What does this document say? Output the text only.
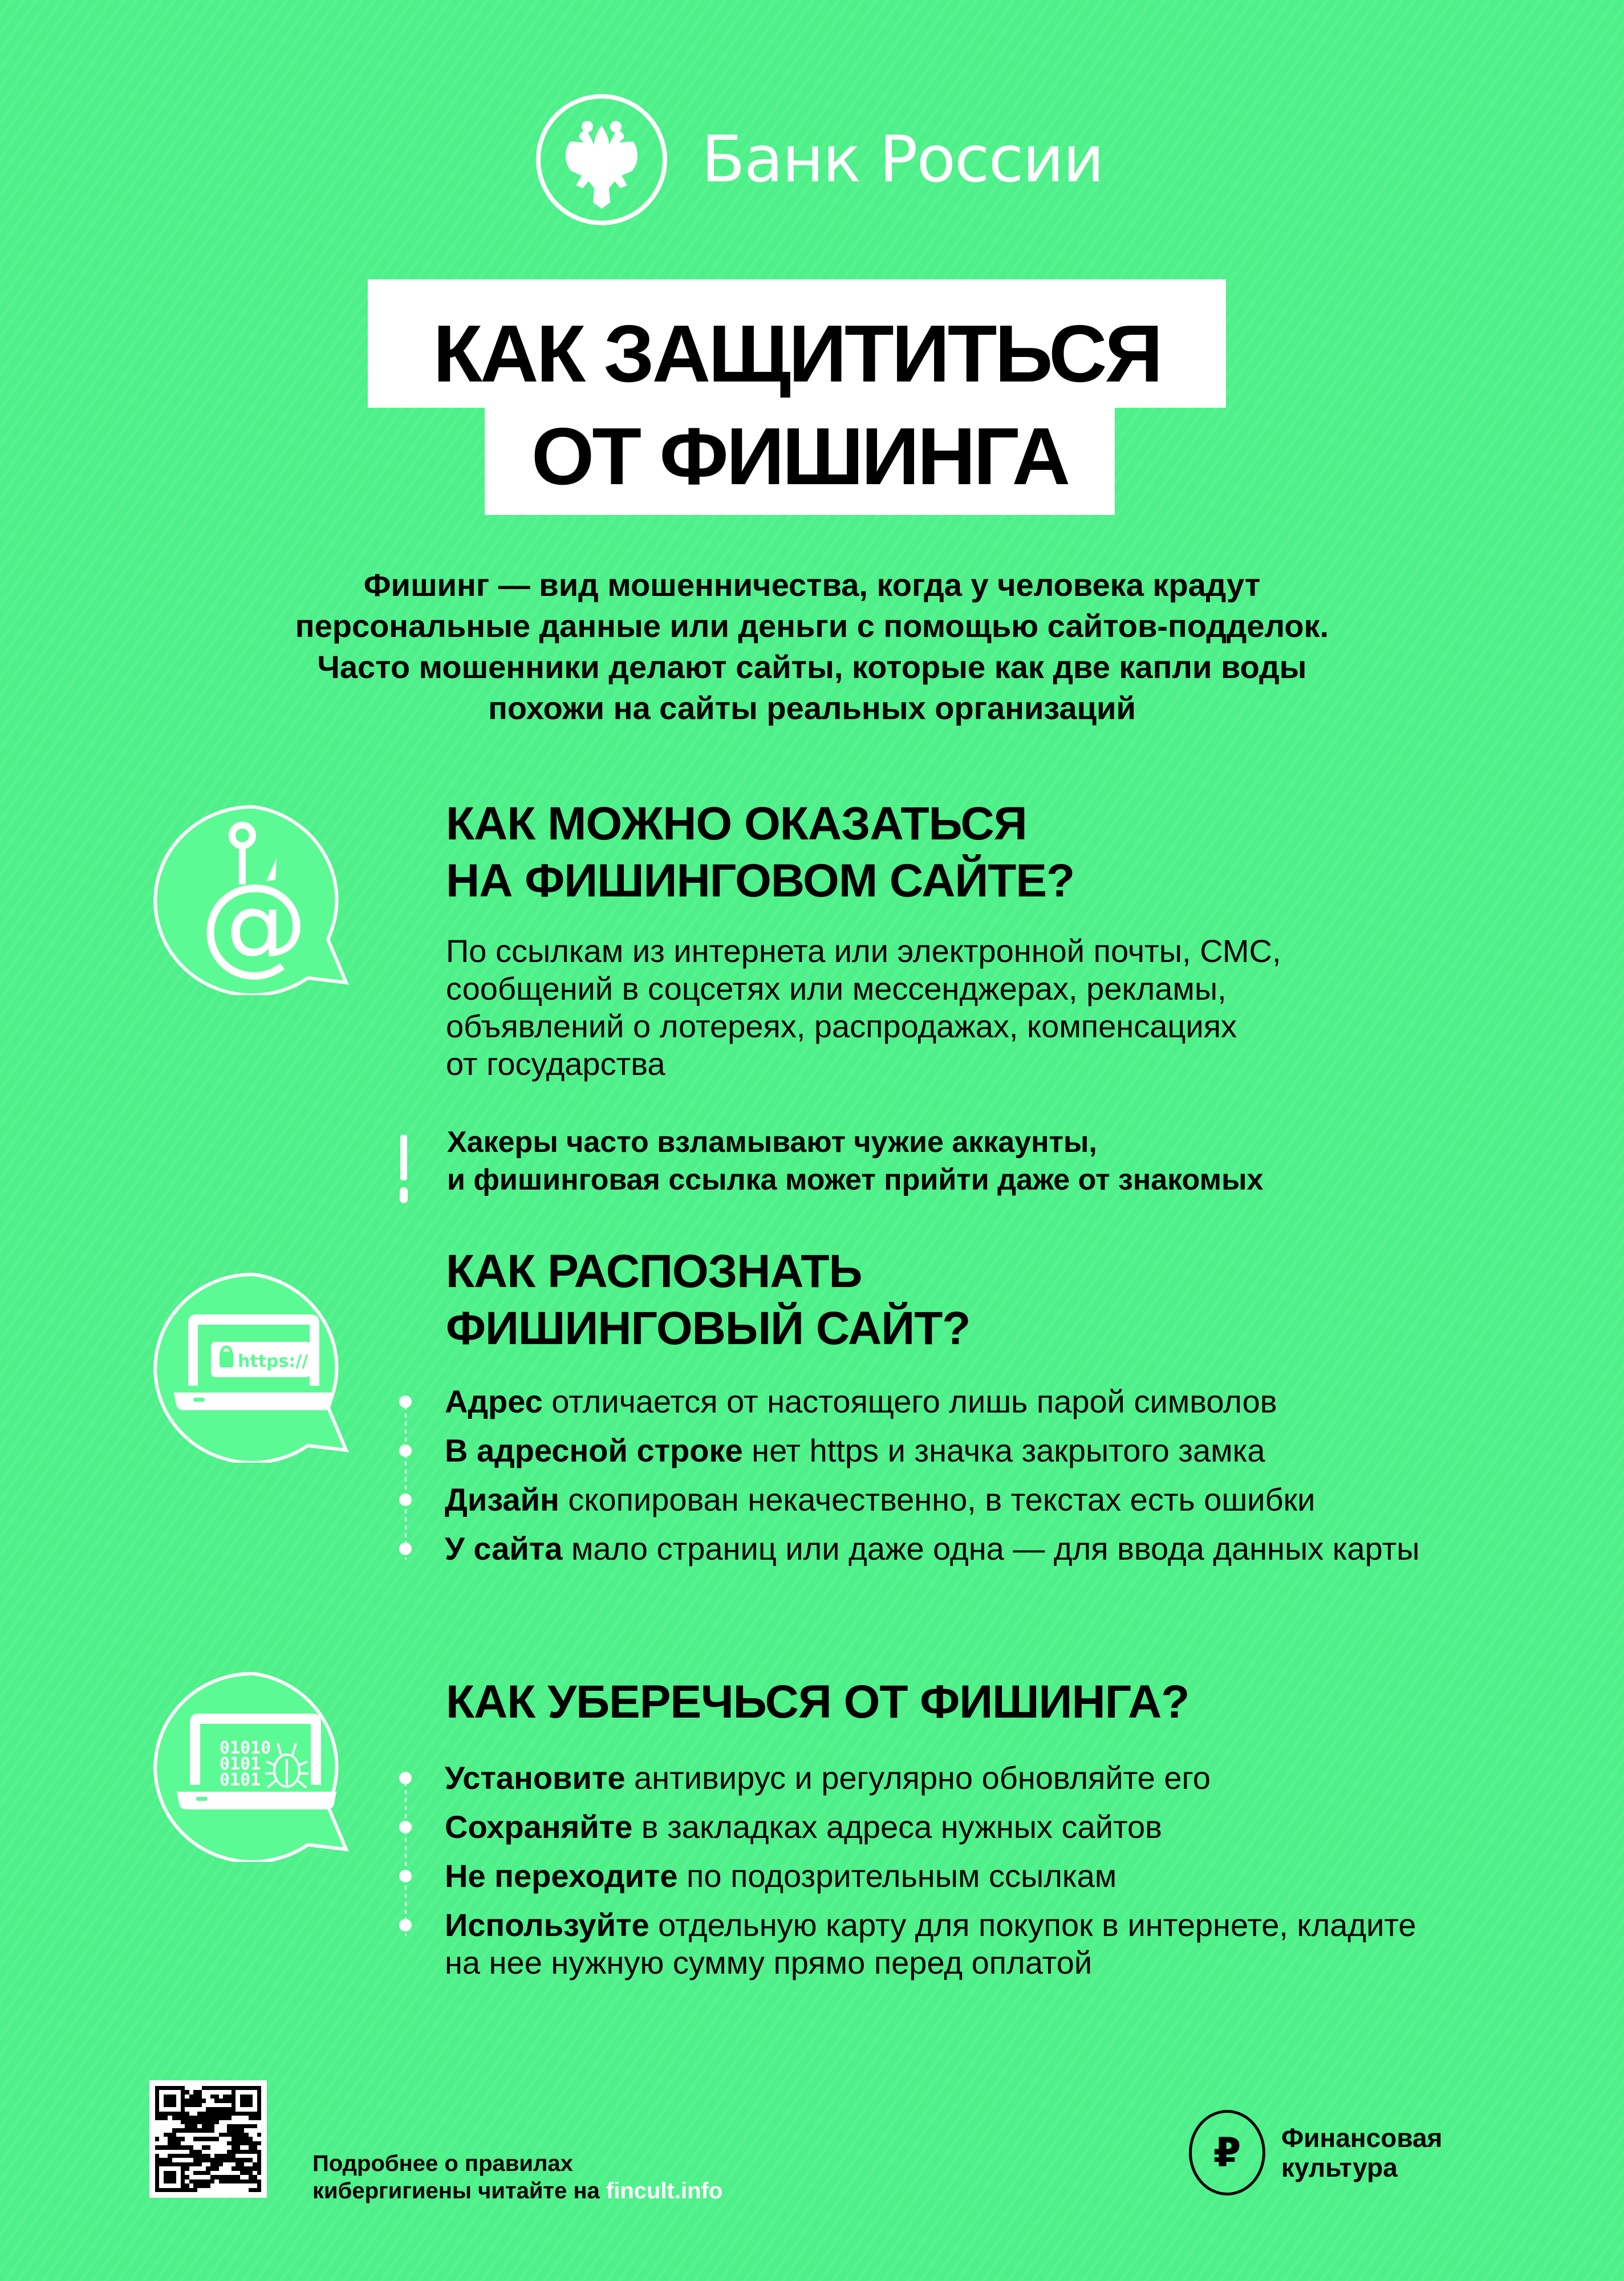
Банк России
КАК ЗАЩИТИТЬСЯ
ОТ ФИШИНГА
Фишинг — вид мошенничества, когда у человека крадут
персональные данные или деньги с помощью сайтов-подделок.
Часто мошенники делают сайты, которые как две капли воды
похожи на сайты реальных организаций
@
КАК МОЖНО ОКАЗАТЬСЯ
НА ФИШИНГОВОМ САЙТЕ?
По ссылкам из интернета или электронной почты, СМС,
сообщений в соцсетях или мессенджерах, рекламы,
объявлений о лотереях, распродажах, компенсациях
от государства
Хакеры часто взламывают чужие аккаунты,
и фишинговая ссылка может прийти даже от знакомых
https://
КАК РАСПОЗНАТЬ
ФИШИНГОВЫЙ САЙТ?
Адрес отличается от настоящего лишь парой символов
В адресной строке нет https и значка закрытого замка
Дизайн скопирован некачественно, в текстах есть ошибки
У сайта мало страниц или даже одна — для ввода данных карты
01010
0101
0101
КАК УБЕРЕЧЬСЯ ОТ ФИШИНГА?
Установите антивирус и регулярно обновляйте его
Сохраняйте в закладках адреса нужных сайтов
Не переходите по подозрительным ссылкам
Используйте отдельную карту для покупок в интернете, кладите на нее нужную сумму прямо перед оплатой
Подробнее о правилах
кибергигиены читайте на fincult.info
₽ Финансовая
культура
